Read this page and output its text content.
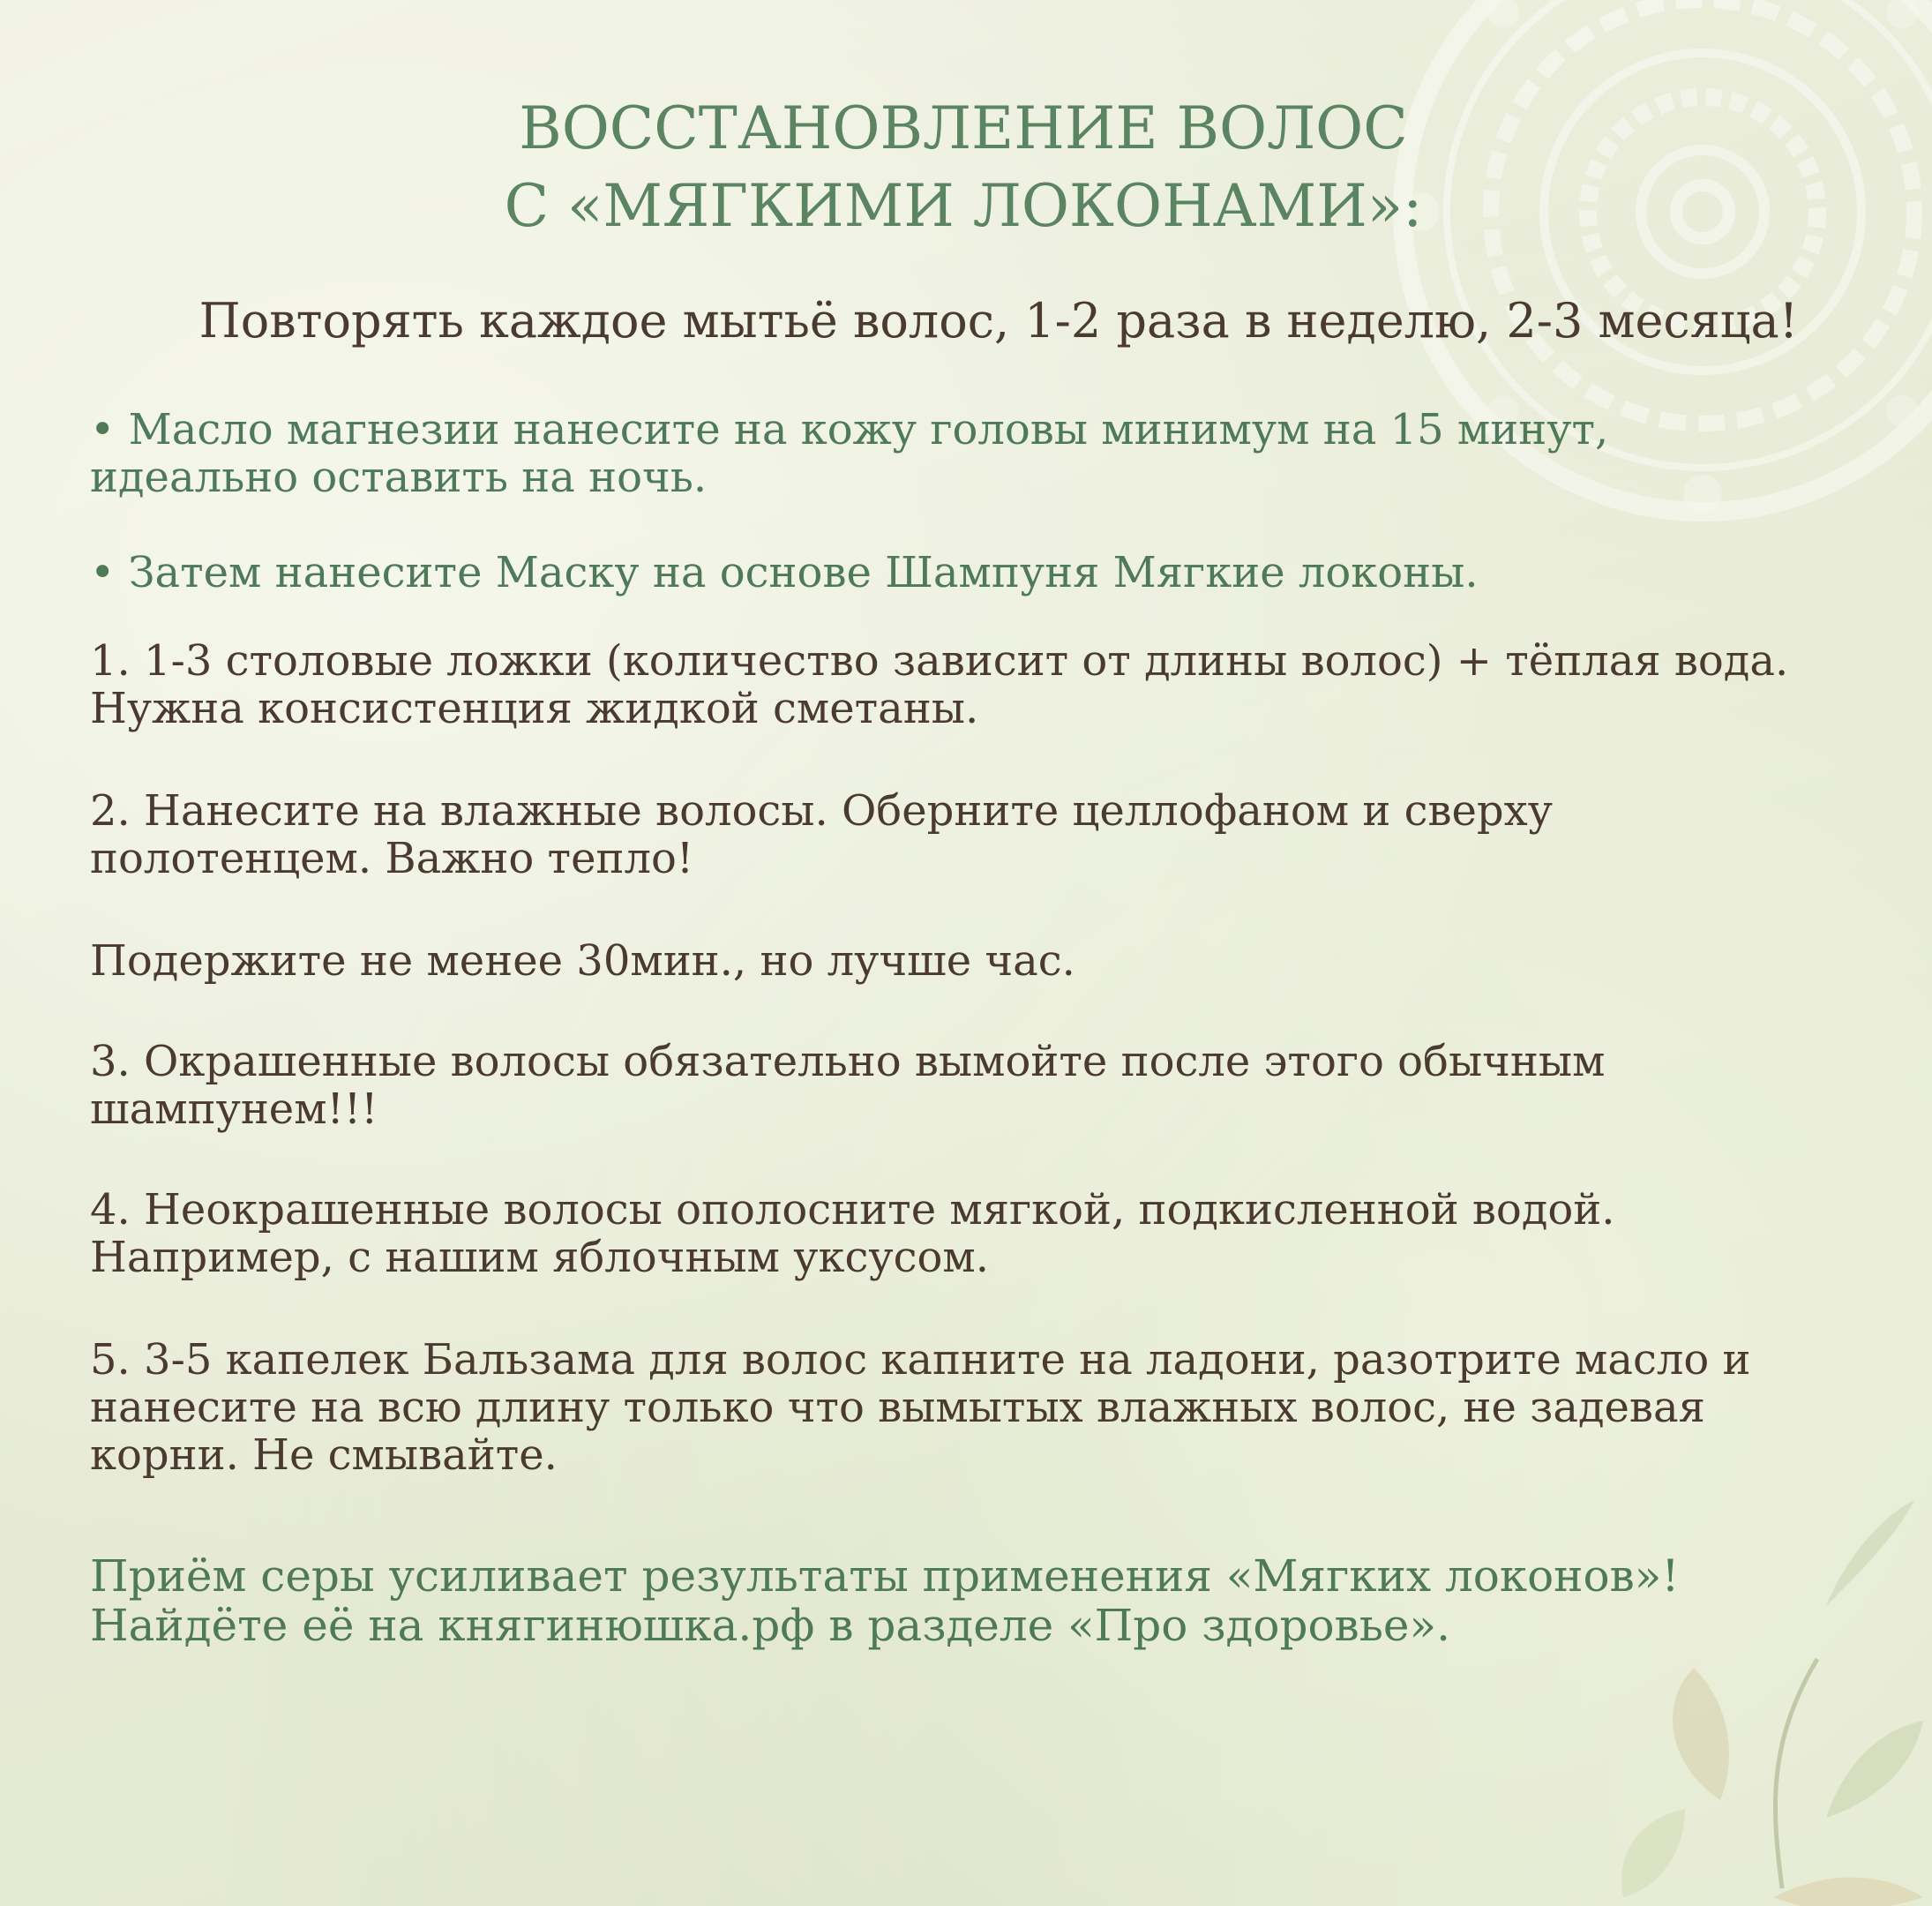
ВОССТАНОВЛЕНИЕ ВОЛОС
С «МЯГКИМИ ЛОКОНАМИ»:
Повторять каждое мытьё волос, 1-2 раза в неделю, 2-3 месяца!

• Масло магнезии нанесите на кожу головы минимум на 15 минут,
идеально оставить на ночь.

• Затем нанесите Маску на основе Шампуня Мягкие локоны.

1. 1-3 столовые ложки (количество зависит от длины волос) + тёплая вода.
Нужна консистенция жидкой сметаны.

2. Нанесите на влажные волосы. Оберните целлофаном и сверху
полотенцем. Важно тепло!

Подержите не менее 30мин., но лучше час.

3. Окрашенные волосы обязательно вымойте после этого обычным
шампунем!!!

4. Неокрашенные волосы ополосните мягкой, подкисленной водой.
Например, с нашим яблочным уксусом.

5. 3-5 капелек Бальзама для волос капните на ладони, разотрите масло и
нанесите на всю длину только что вымытых влажных волос, не задевая
корни. Не смывайте.

Приём серы усиливает результаты применения «Мягких локонов»!
Найдёте её на княгинюшка.рф в разделе «Про здоровье».
